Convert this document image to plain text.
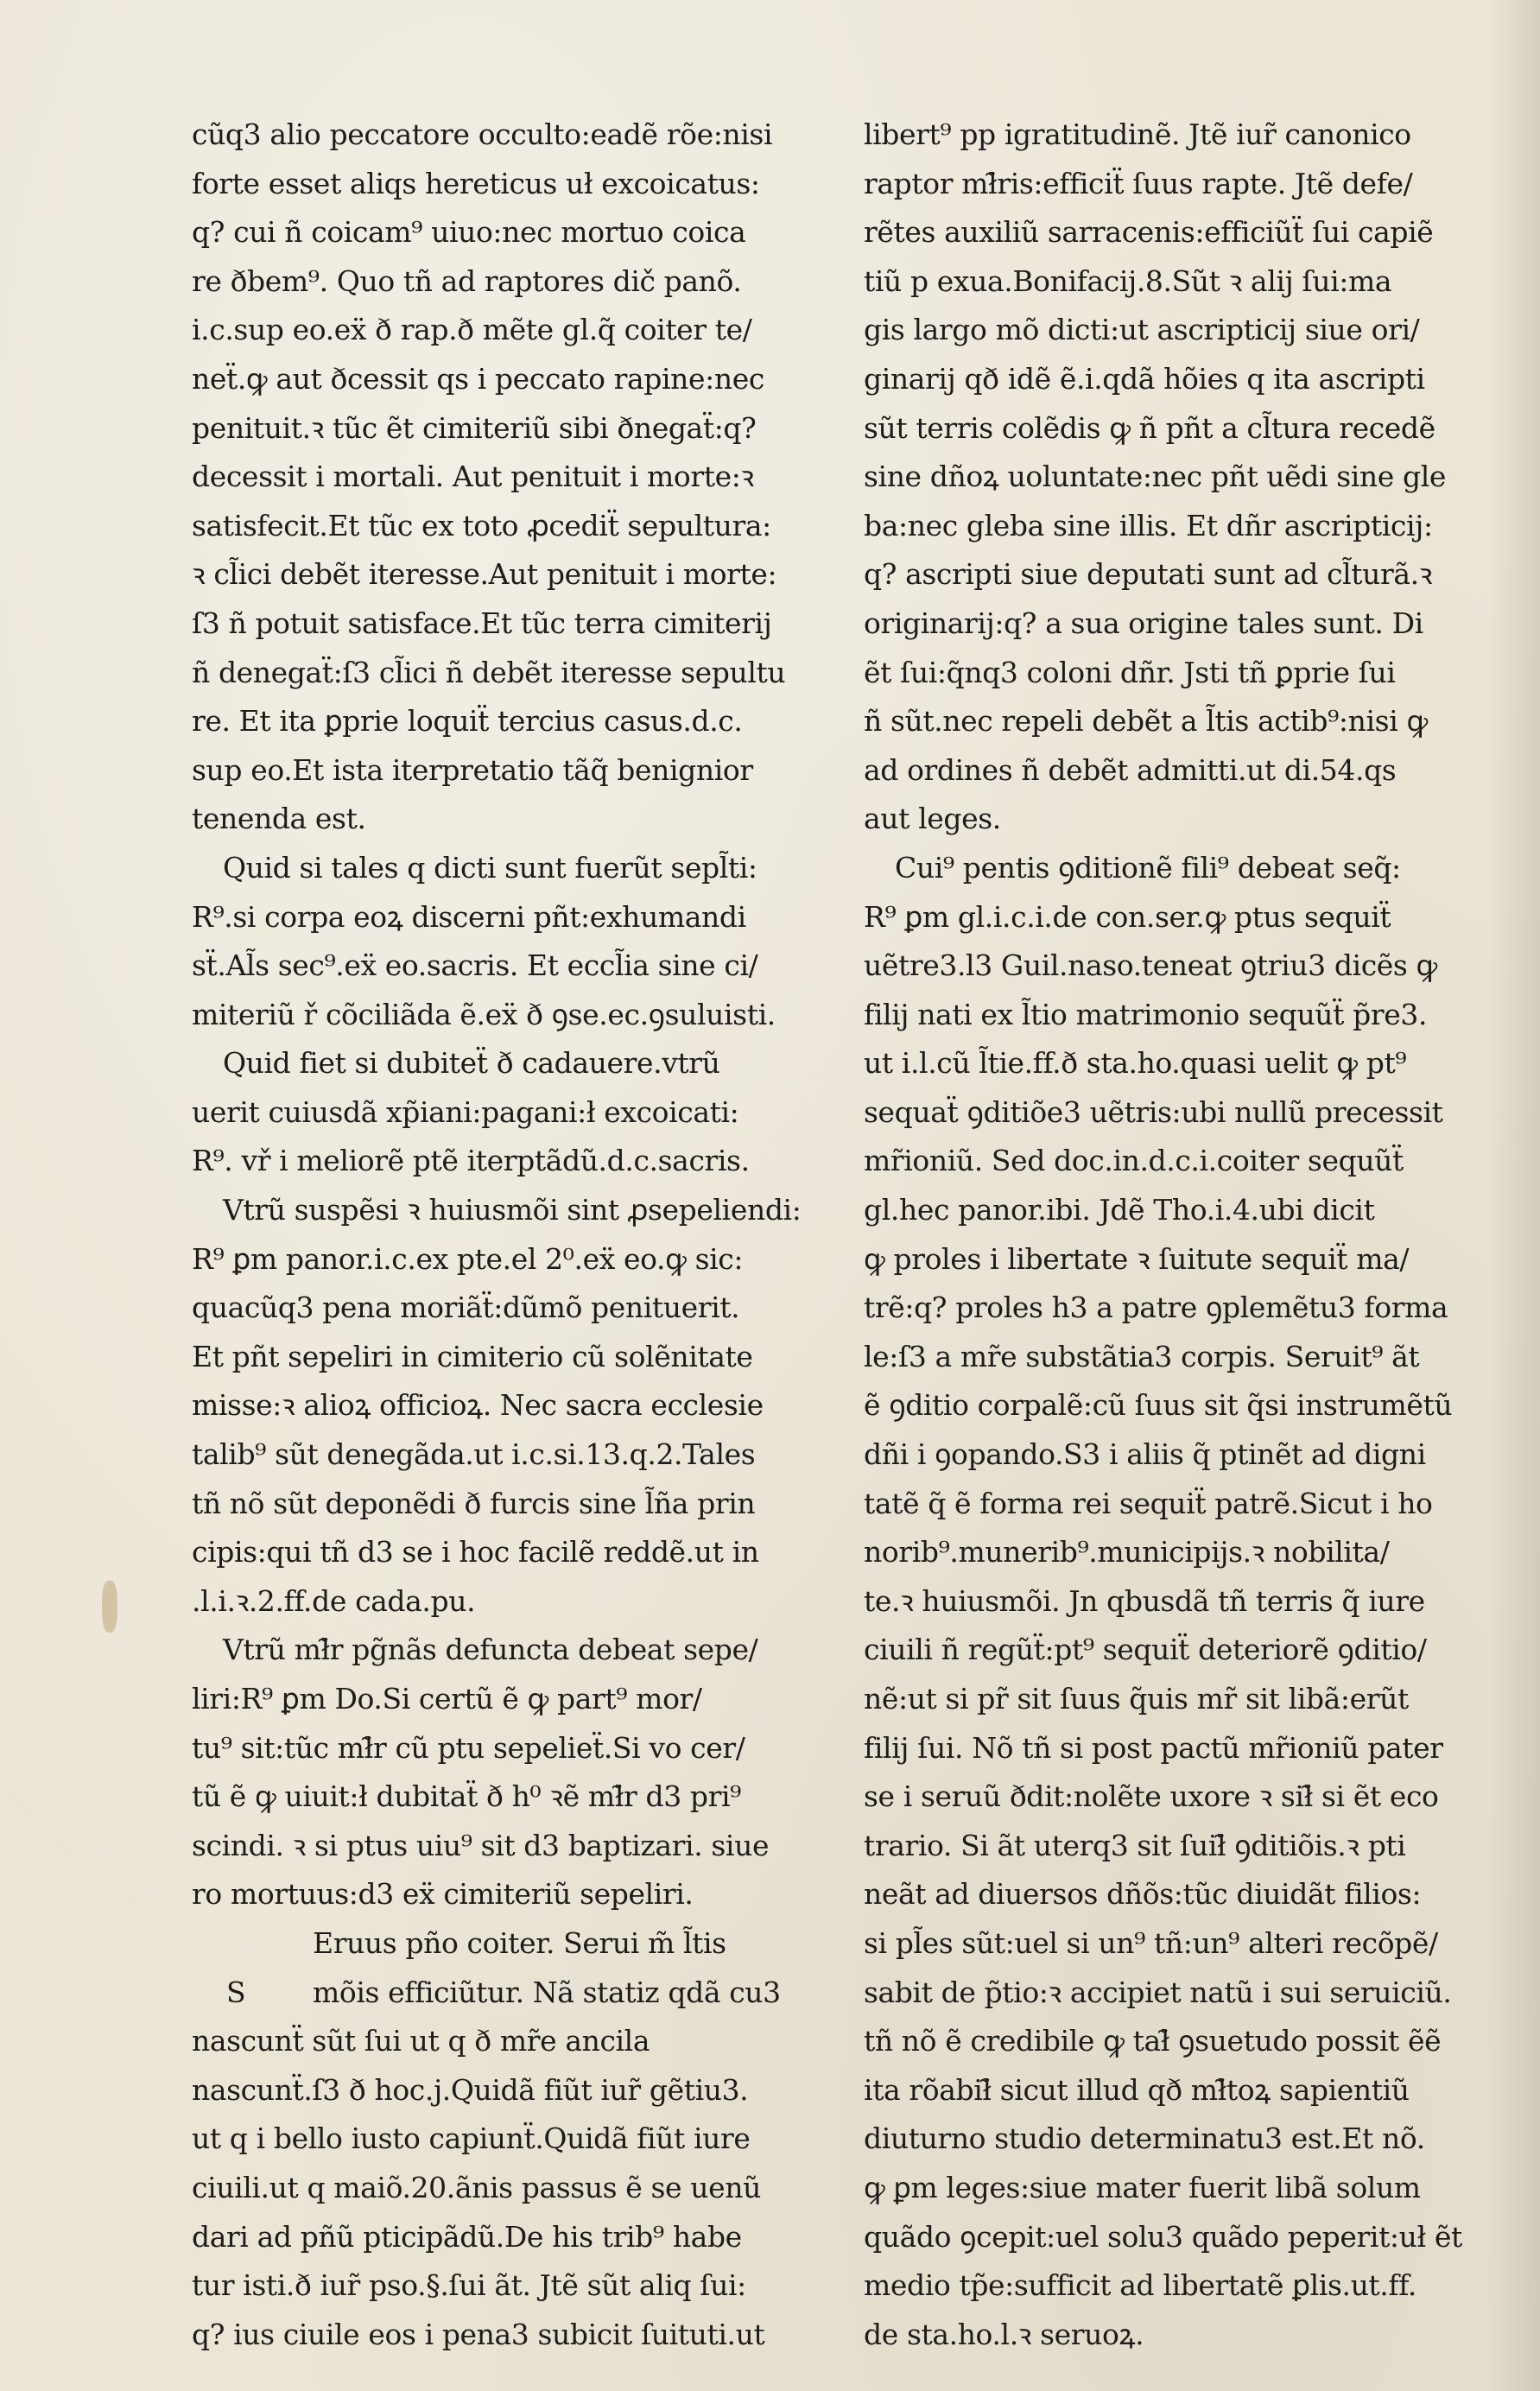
cũq3 alio peccatore occulto:eadẽ rõe:nisi
forte esset aliqs hereticus uł excoicatus:
q? cui ñ coicam⁹ uiuo:nec mortuo coica
re ðbem⁹. Quo tñ ad raptores dič panõ.
i.c.sup eo.eẍ ð rap.ð mẽte gl.q̃ coiter te/
neẗ.ꝙ aut ðcessit qs i peccato rapine:nec
penituit.ꝛ tũc ẽt cimiteriũ sibi ðnegaẗ:q?
decessit i mortali. Aut penituit i morte:ꝛ
satisfecit.Et tũc ex toto ꝓcediẗ sepultura:
ꝛ cl̃ici debẽt iteresse.Aut penituit i morte:
ſ3 ñ potuit satisface.Et tũc terra cimiterij
ñ denegaẗ:ſ3 cl̃ici ñ debẽt iteresse sepultu
re. Et ita ꝑprie loquiẗ tercius casus.d.c.
sup eo.Et ista iterpretatio tãq̃ benignior
tenenda est.
Quid si tales q dicti sunt fuerũt sepl̃ti:
R⁹.si corpa eoꝝ discerni pñt:exhumandi
sẗ.Al̃s sec⁹.eẍ eo.sacris. Et eccl̃ia sine ci/
miteriũ ř cõciliãda ẽ.eẍ ð ꝯse.ec.ꝯsuluisti.
Quid fiet si dubiteẗ ð cadauere.vtrũ
uerit cuiusdã xp̃iani:pagani:ł excoicati:
R⁹. vř i meliorẽ ptẽ iterptãdũ.d.c.sacris.
Vtrũ suspẽsi ꝛ huiusmõi sint ꝓsepeliendi:
R⁹ ꝑm panor.i.c.ex pte.el 2⁰.eẍ eo.ꝙ sic:
quacũq3 pena moriãẗ:dũmõ penituerit.
Et pñt sepeliri in cimiterio cũ solẽnitate
misse:ꝛ alioꝝ officioꝝ. Nec sacra ecclesie
talib⁹ sũt denegãda.ut i.c.si.13.q.2.Tales
tñ nõ sũt deponẽdi ð furcis sine l̃ña prin
cipis:qui tñ d3 se i hoc facilẽ reddẽ.ut in
.l.i.ꝛ.2.ff.de cada.pu.
Vtrũ mł̃r pg̃nãs defuncta debeat sepe/
liri:R⁹ ꝑm Do.Si certũ ẽ ꝙ part⁹ mor/
tu⁹ sit:tũc mł̃r cũ ptu sepelieẗ.Si vo cer/
tũ ẽ ꝙ uiuit:ł dubitaẗ ð h⁰ ꝛẽ mł̃r d3 pri⁹
scindi. ꝛ si ptus uiu⁹ sit d3 baptizari. siue
ro mortuus:d3 eẍ cimiteriũ sepeliri.
Eruus pño coiter. Serui m̃ l̃tis
S mõis efficiũtur. Nã statiz qdã cu3
nascunẗ sũt ſui ut q ð mr̃e ancila
nascunẗ.ſ3 ð hoc.j.Quidã fiũt iur̃ gẽtiu3.
ut q i bello iusto capiunẗ.Quidã fiũt iure
ciuili.ut q maiõ.20.ãnis passus ẽ se uenũ
dari ad pñũ pticipãdũ.De his trib⁹ habe
tur isti.ð iur̃ pso.§.ſui ãt. Jtẽ sũt aliq ſui:
q? ius ciuile eos i pena3 subicit ſuituti.ut
libert⁹ pp igratitudinẽ. Jtẽ iur̃ canonico
raptor mł̃ris:efficiẗ ſuus rapte. Jtẽ defe/
rẽtes auxiliũ sarracenis:efficiũẗ ſui capiẽ
tiũ p exua.Bonifacij.8.Sũt ꝛ alij ſui:ma
gis largo mõ dicti:ut ascripticij siue ori/
ginarij qð idẽ ẽ.i.qdã hõies q ita ascripti
sũt terris colẽdis ꝙ ñ pñt a cl̃tura recedẽ
sine dñoꝝ uoluntate:nec pñt uẽdi sine gle
ba:nec gleba sine illis. Et dñr ascripticij:
q? ascripti siue deputati sunt ad cl̃turã.ꝛ
originarij:q? a sua origine tales sunt. Di
ẽt ſui:q̃nq3 coloni dñr. Jsti tñ ꝑprie ſui
ñ sũt.nec repeli debẽt a l̃tis actib⁹:nisi ꝙ
ad ordines ñ debẽt admitti.ut di.54.qs
aut leges.
Cui⁹ pentis ꝯditionẽ fili⁹ debeat seq̃:
R⁹ ꝑm gl.i.c.i.de con.ser.ꝙ ptus sequiẗ
uẽtre3.l3 Guil.naso.teneat ꝯtriu3 dicẽs ꝙ
filij nati ex l̃tio matrimonio sequũẗ p̃re3.
ut i.l.cũ l̃tie.ff.ð sta.ho.quasi uelit ꝙ pt⁹
sequaẗ ꝯditiõe3 uẽtris:ubi nullũ precessit
mr̃ioniũ. Sed doc.in.d.c.i.coiter sequũẗ
gl.hec panor.ibi. Jdẽ Tho.i.4.ubi dicit
ꝙ proles i libertate ꝛ ſuitute sequiẗ ma/
trẽ:q? proles h3 a patre ꝯplemẽtu3 forma
le:ſ3 a mr̃e substãtia3 corpis. Seruit⁹ ãt
ẽ ꝯditio corpalẽ:cũ ſuus sit q̃si instrumẽtũ
dñi i ꝯopando.S3 i aliis q̃ ptinẽt ad digni
tatẽ q̃ ẽ forma rei sequiẗ patrẽ.Sicut i ho
norib⁹.munerib⁹.municipijs.ꝛ nobilita/
te.ꝛ huiusmõi. Jn qbusdã tñ terris q̃ iure
ciuili ñ regũẗ:pt⁹ sequiẗ deteriorẽ ꝯditio/
nẽ:ut si pr̃ sit ſuus q̃uis mr̃ sit libã:erũt
filij ſui. Nõ tñ si post pactũ mr̃ioniũ pater
se i seruũ ðdit:nolẽte uxore ꝛ sił̃ si ẽt eco
trario. Si ãt uterq3 sit ſuił̃ ꝯditiõis.ꝛ pti
neãt ad diuersos dñõs:tũc diuidãt filios:
si pl̃es sũt:uel si un⁹ tñ:un⁹ alteri recõpẽ/
sabit de p̃tio:ꝛ accipiet natũ i sui seruiciũ.
tñ nõ ẽ credibile ꝙ tał̃ ꝯsuetudo possit ẽẽ
ita rõabił̃ sicut illud qð mł̃toꝝ sapientiũ
diuturno studio determinatu3 est.Et nõ.
ꝙ ꝑm leges:siue mater fuerit libã solum
quãdo ꝯcepit:uel solu3 quãdo peperit:uł ẽt
medio tp̃e:sufficit ad libertatẽ ꝑlis.ut.ff.
de sta.ho.l.ꝛ seruoꝝ.
